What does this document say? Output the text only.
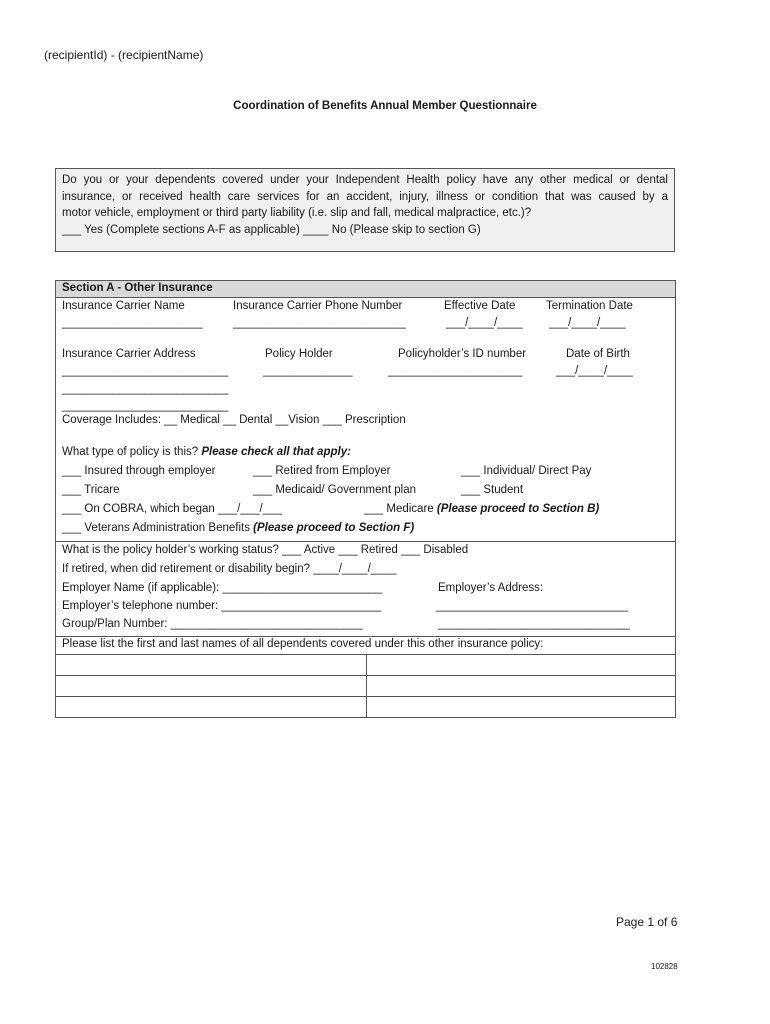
(recipientId) - (recipientName)
Coordination of Benefits Annual Member Questionnaire
Do you or your dependents covered under your Independent Health policy have any other medical or dental
insurance, or received health care services for an accident, injury, illness or condition that was caused by a
motor vehicle, employment or third party liability (i.e. slip and fall, medical malpractice, etc.)?
___ Yes (Complete sections A-F as applicable) ____ No (Please skip to section G)
Section A - Other Insurance
Insurance Carrier Name	Insurance Carrier Phone Number	Effective Date	Termination Date
______________________	___________________________	___/____/____ ___/____/____
Insurance Carrier Address	Policy Holder	Policyholder’s ID number	Date of Birth
__________________________	______________	_____________________	___/____/____
__________________________
__________________________
Coverage Includes: __ Medical __ Dental __Vision ___ Prescription
What type of policy is this? Please check all that apply:
___ Insured through employer	___ Retired from Employer	___ Individual/ Direct Pay
___ Tricare	___ Medicaid/ Government plan	___ Student
___ On COBRA, which began ___/___/___	___ Medicare (Please proceed to Section B)
___ Veterans Administration Benefits (Please proceed to Section F)
What is the policy holder’s working status? ___ Active ___ Retired ___ Disabled
If retired, when did retirement or disability begin? ____/____/____
Employer Name (if applicable): _________________________	Employer’s Address:
Employer’s telephone number: _________________________	______________________________
Group/Plan Number: ______________________________	______________________________
Please list the first and last names of all dependents covered under this other insurance policy:
Page 1 of 6
102828
